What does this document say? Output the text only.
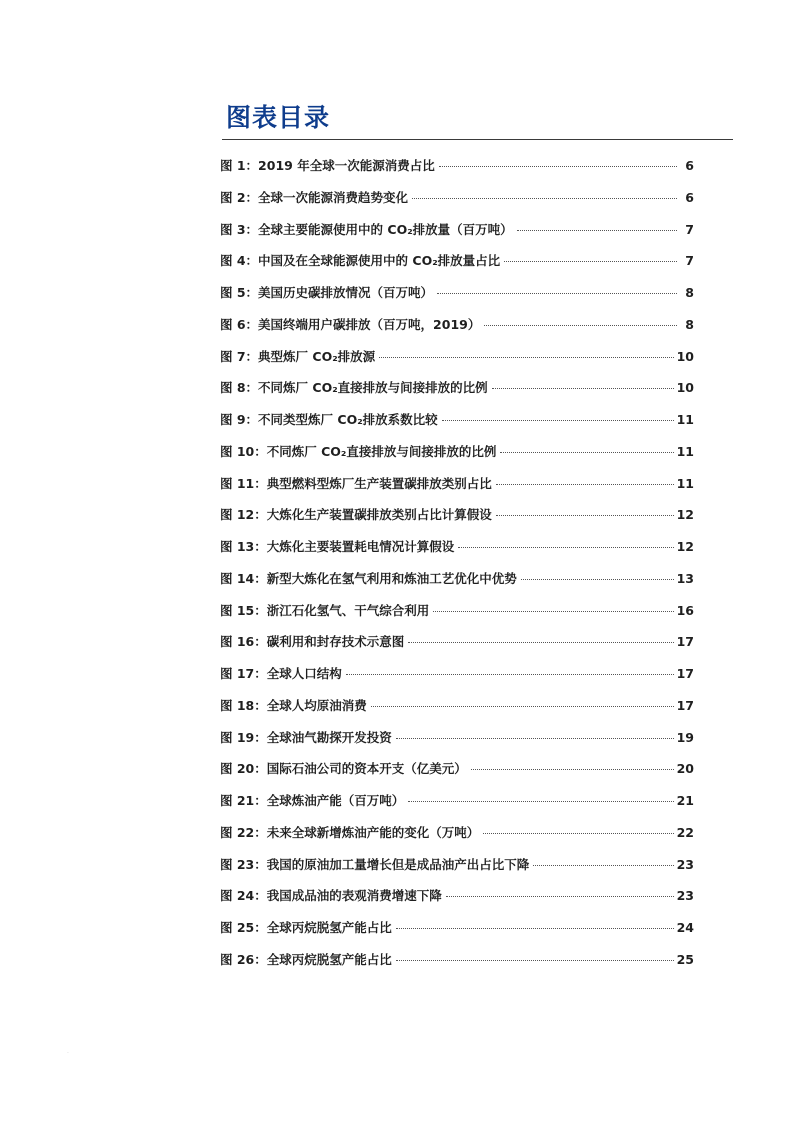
图表目录
图 1：2019 年全球一次能源消费占比	6
图 2：全球一次能源消费趋势变化	6
图 3：全球主要能源使用中的 CO₂排放量（百万吨）	7
图 4：中国及在全球能源使用中的 CO₂排放量占比	7
图 5：美国历史碳排放情况（百万吨）	8
图 6：美国终端用户碳排放（百万吨，2019）	8
图 7：典型炼厂 CO₂排放源	10
图 8：不同炼厂 CO₂直接排放与间接排放的比例	10
图 9：不同类型炼厂 CO₂排放系数比较	11
图 10：不同炼厂 CO₂直接排放与间接排放的比例	11
图 11：典型燃料型炼厂生产装置碳排放类别占比	11
图 12：大炼化生产装置碳排放类别占比计算假设	12
图 13：大炼化主要装置耗电情况计算假设	12
图 14：新型大炼化在氢气利用和炼油工艺优化中优势	13
图 15：浙江石化氢气、干气综合利用	16
图 16：碳利用和封存技术示意图	17
图 17：全球人口结构	17
图 18：全球人均原油消费	17
图 19：全球油气勘探开发投资	19
图 20：国际石油公司的资本开支（亿美元）	20
图 21：全球炼油产能（百万吨）	21
图 22：未来全球新增炼油产能的变化（万吨）	22
图 23：我国的原油加工量增长但是成品油产出占比下降	23
图 24：我国成品油的表观消费增速下降	23
图 25：全球丙烷脱氢产能占比	24
图 26：全球丙烷脱氢产能占比	25
·
